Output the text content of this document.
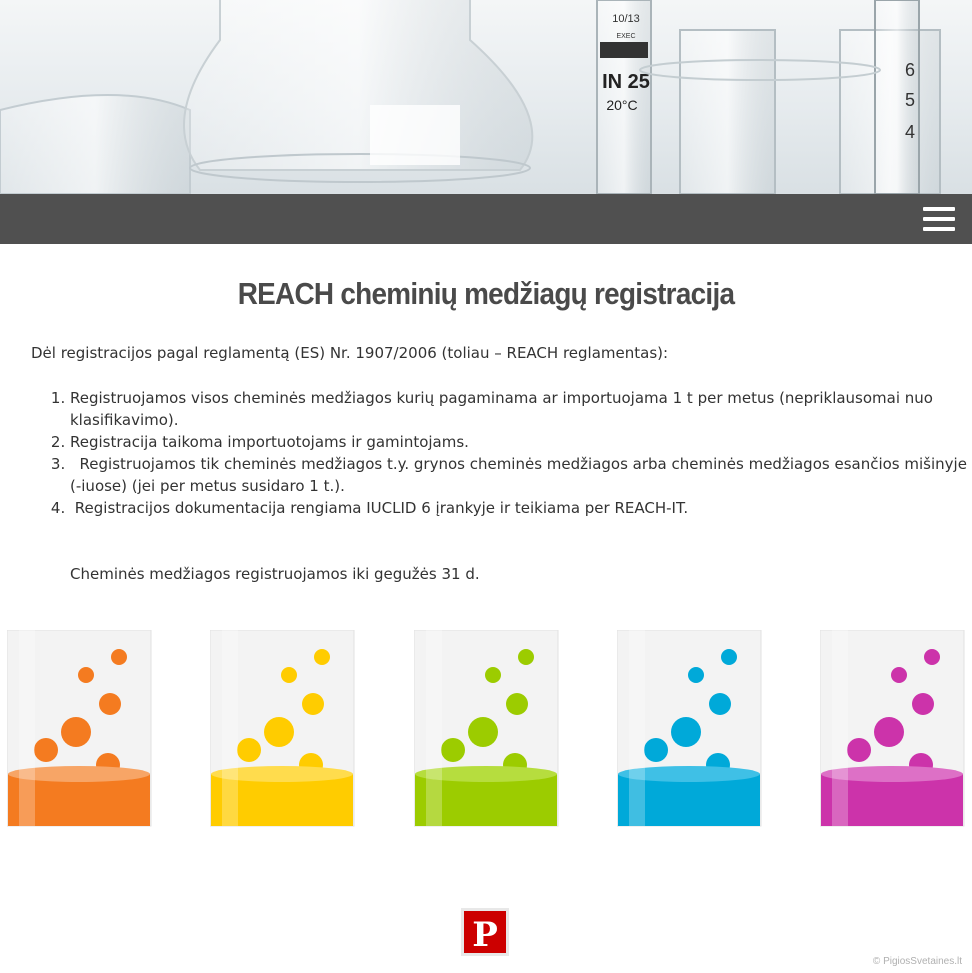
10/13
EXEC
IN 25
20°C
6
5
4
REACH cheminių medžiagų registracija

Dėl registracijos pagal reglamentą (ES) Nr. 1907/2006 (toliau – REACH reglamentas):

1. Registruojamos visos cheminės medžiagos kurių pagaminama ar importuojama 1 t per metus (nepriklausomai nuo klasifikavimo).
2. Registracija taikoma importuotojams ir gamintojams.
3.   Registruojamos tik cheminės medžiagos t.y. grynos cheminės medžiagos arba cheminės medžiagos esančios mišinyje (-iuose) (jei per metus susidaro 1 t.).
4.  Registracijos dokumentacija rengiama IUCLID 6 įrankyje ir teikiama per REACH-IT.

Cheminės medžiagos registruojamos iki gegužės 31 d.

P
© PigiosSvetaines.lt
